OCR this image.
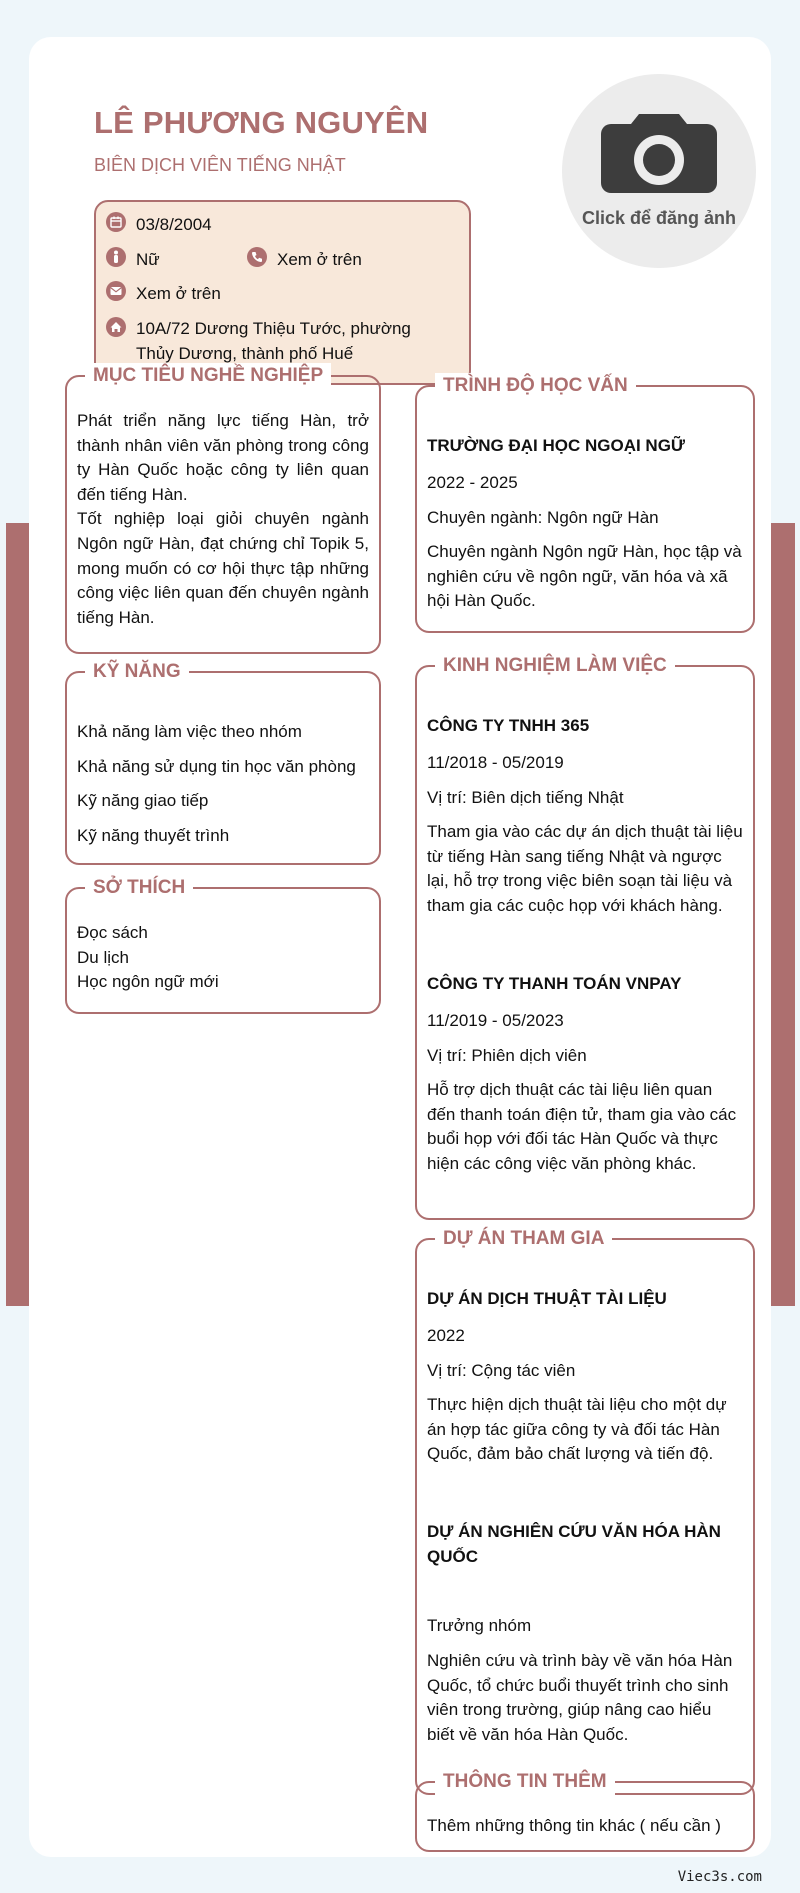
LÊ PHƯƠNG NGUYÊN
BIÊN DỊCH VIÊN TIẾNG NHẬT
Click để đăng ảnh
03/8/2004
Nữ	Xem ở trên
Xem ở trên
10A/72 Dương Thiệu Tước, phường
Thủy Dương, thành phố Huế
MỤC TIÊU NGHỀ NGHIỆP
Phát triển năng lực tiếng Hàn, trở thành nhân viên văn phòng trong công ty Hàn Quốc hoặc công ty liên quan đến tiếng Hàn.
Tốt nghiệp loại giỏi chuyên ngành Ngôn ngữ Hàn, đạt chứng chỉ Topik 5, mong muốn có cơ hội thực tập những công việc liên quan đến chuyên ngành tiếng Hàn.
KỸ NĂNG
Khả năng làm việc theo nhóm
Khả năng sử dụng tin học văn phòng
Kỹ năng giao tiếp
Kỹ năng thuyết trình
SỞ THÍCH
Đọc sách
Du lịch
Học ngôn ngữ mới
TRÌNH ĐỘ HỌC VẤN
TRƯỜNG ĐẠI HỌC NGOẠI NGỮ
2022 - 2025
Chuyên ngành: Ngôn ngữ Hàn
Chuyên ngành Ngôn ngữ Hàn, học tập và nghiên cứu về ngôn ngữ, văn hóa và xã hội Hàn Quốc.
KINH NGHIỆM LÀM VIỆC
CÔNG TY TNHH 365
11/2018 - 05/2019
Vị trí: Biên dịch tiếng Nhật
Tham gia vào các dự án dịch thuật tài liệu từ tiếng Hàn sang tiếng Nhật và ngược lại, hỗ trợ trong việc biên soạn tài liệu và tham gia các cuộc họp với khách hàng.
CÔNG TY THANH TOÁN VNPAY
11/2019 - 05/2023
Vị trí: Phiên dịch viên
Hỗ trợ dịch thuật các tài liệu liên quan đến thanh toán điện tử, tham gia vào các buổi họp với đối tác Hàn Quốc và thực hiện các công việc văn phòng khác.
DỰ ÁN THAM GIA
DỰ ÁN DỊCH THUẬT TÀI LIỆU
2022
Vị trí: Cộng tác viên
Thực hiện dịch thuật tài liệu cho một dự án hợp tác giữa công ty và đối tác Hàn Quốc, đảm bảo chất lượng và tiến độ.
DỰ ÁN NGHIÊN CỨU VĂN HÓA HÀN QUỐC
Trưởng nhóm
Nghiên cứu và trình bày về văn hóa Hàn Quốc, tổ chức buổi thuyết trình cho sinh viên trong trường, giúp nâng cao hiểu biết về văn hóa Hàn Quốc.
THÔNG TIN THÊM
Thêm những thông tin khác ( nếu cần )
Viec3s.com
